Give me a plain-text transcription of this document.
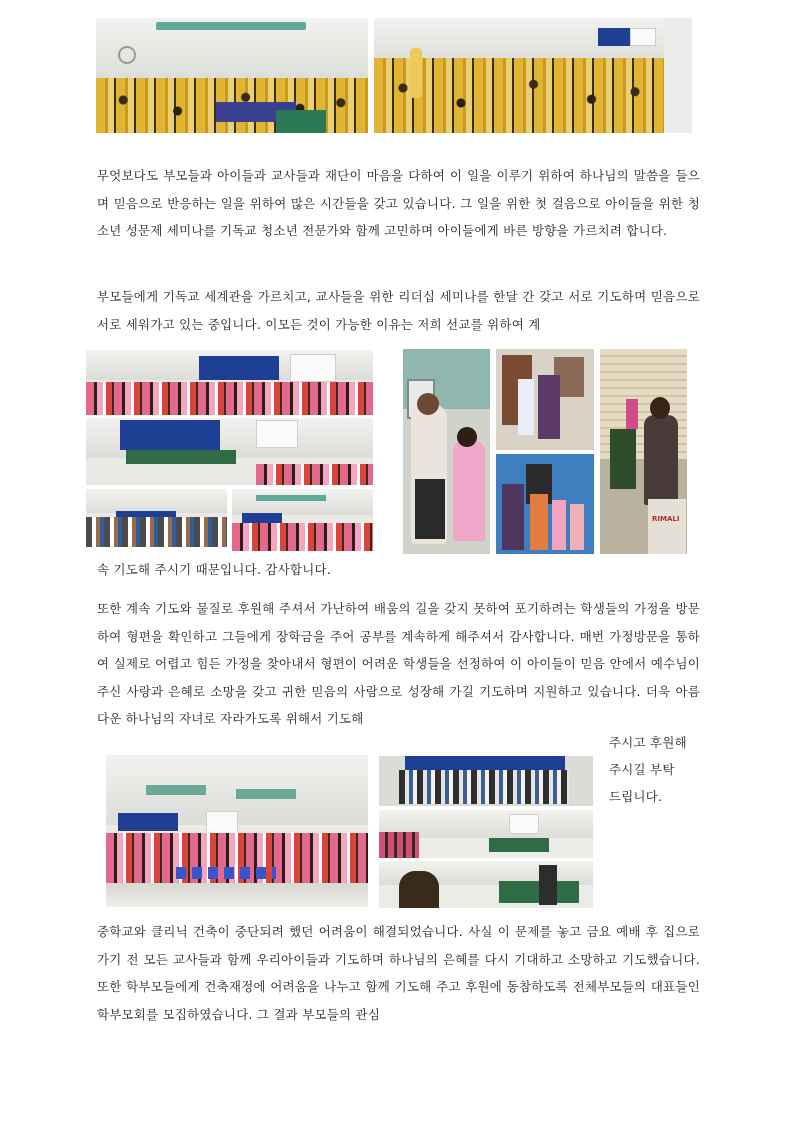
무엇보다도 부모들과 아이들과 교사들과 재단이 마음을 다하여 이 일을 이루기 위하여 하나님의 말씀을 들으며 믿음으로 반응하는 일을 위하여 많은 시간들을 갖고 있습니다. 그 일을 위한 첫 걸음으로 아이들을 위한 청소년 성문제 세미나를 기독교 청소년 전문가와 함께 고민하며 아이들에게 바른 방향을 가르치려 합니다.

부모들에게 기독교 세계관을 가르치고, 교사들을 위한 리더십 세미나를 한달 간 갖고 서로 기도하며 믿음으로 서로 세워가고 있는 중입니다. 이모든 것이 가능한 이유는 저희 선교를 위하여 계

RIMALI
속 기도해 주시기 때문입니다. 감사합니다.

또한 계속 기도와 물질로 후원해 주셔서 가난하여 배움의 길을 갖지 못하여 포기하려는 학생들의 가정을 방문하여 형편을 확인하고 그들에게 장학금을 주어 공부를 계속하게 해주셔서 감사합니다. 매번 가정방문을 통하여 실제로 어렵고 힘든 가정을 찾아내서 형편이 어려운 학생들을 선정하여 이 아이들이 믿음 안에서 예수님이 주신 사랑과 은혜로 소망을 갖고 귀한 믿음의 사람으로 성장해 가길 기도하며 지원하고 있습니다. 더욱 아름다운 하나님의 자녀로 자라가도록 위해서 기도해

주시고 후원해
주시길 부탁
드립니다.

중학교와 클리닉 건축이 중단되려 했던 어려움이 해결되었습니다. 사실 이 문제를 놓고 금요 예배 후 집으로 가기 전 모든 교사들과 함께 우리아이들과 기도하며 하나님의 은혜를 다시 기대하고 소망하고 기도했습니다. 또한 학부모들에게 건축재정에 어려움을 나누고 함께 기도해 주고 후원에 동참하도록 전체부모들의 대표들인 학부모회를 모집하였습니다. 그 결과 부모들의 관심
